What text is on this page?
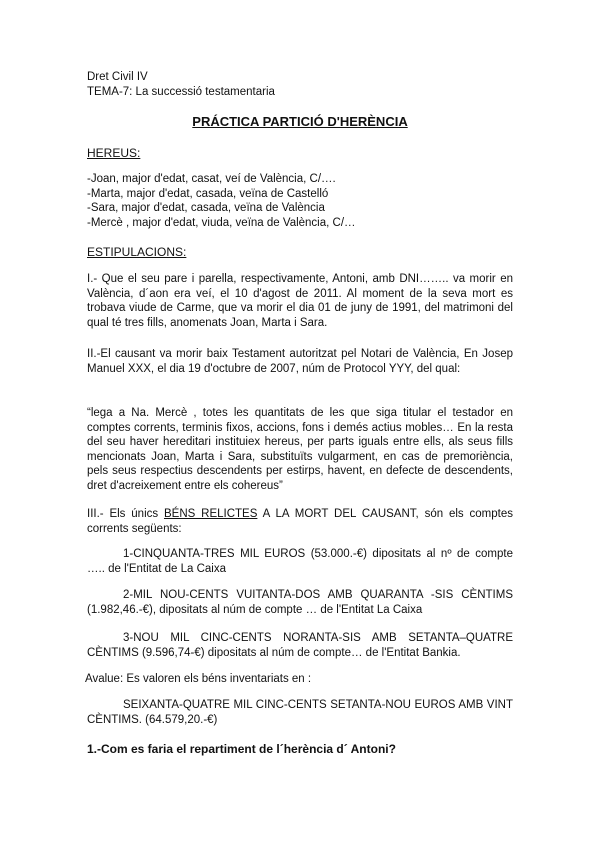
Dret Civil IV
TEMA-7: La successió testamentaria
PRÁCTICA PARTICIÓ D'HERÈNCIA
HEREUS:
-Joan, major d'edat, casat, veí de València, C/….
-Marta, major d'edat, casada, veïna de Castelló
-Sara, major d'edat, casada, veïna de València
-Mercè , major d'edat, viuda, veïna de València, C/…
ESTIPULACIONS:
I.- Que el seu pare i parella, respectivamente, Antoni, amb DNI…….. va morir en València, d´aon era veí, el 10 d'agost de 2011. Al moment de la seva mort es trobava viude de Carme, que va morir el dia 01 de juny de 1991, del matrimoni del qual té tres fills, anomenats Joan, Marta i Sara.
II.-El causant va morir baix Testament autoritzat pel Notari de València, En Josep Manuel XXX, el dia 19 d'octubre de 2007, núm de Protocol YYY, del qual:
“lega a Na. Mercè , totes les quantitats de les que siga titular el testador en comptes corrents, terminis fixos, accions, fons i demés actius mobles… En la resta del seu haver hereditari instituiex hereus, per parts iguals entre ells, als seus fills mencionats Joan, Marta i Sara, substituïts vulgarment, en cas de premoriència, pels seus respectius descendents per estirps, havent, en defecte de descendents, dret d'acreixement entre els cohereus”
III.- Els únics BÉNS RELICTES A LA MORT DEL CAUSANT, són els comptes corrents següents:
1-CINQUANTA-TRES MIL EUROS (53.000.-€) dipositats al nº de compte ….. de l'Entitat de La Caixa
2-MIL NOU-CENTS VUITANTA-DOS AMB QUARANTA -SIS CÈNTIMS (1.982,46.-€), dipositats al núm de compte … de l'Entitat La Caixa
3-NOU MIL CINC-CENTS NORANTA-SIS AMB SETANTA–QUATRE CÈNTIMS (9.596,74-€) dipositats al núm de compte… de l'Entitat Bankia.
Avalue: Es valoren els béns inventariats en :
SEIXANTA-QUATRE MIL CINC-CENTS SETANTA-NOU EUROS AMB VINT CÈNTIMS. (64.579,20.-€)
1.-Com es faria el repartiment de l´herència d´ Antoni?
